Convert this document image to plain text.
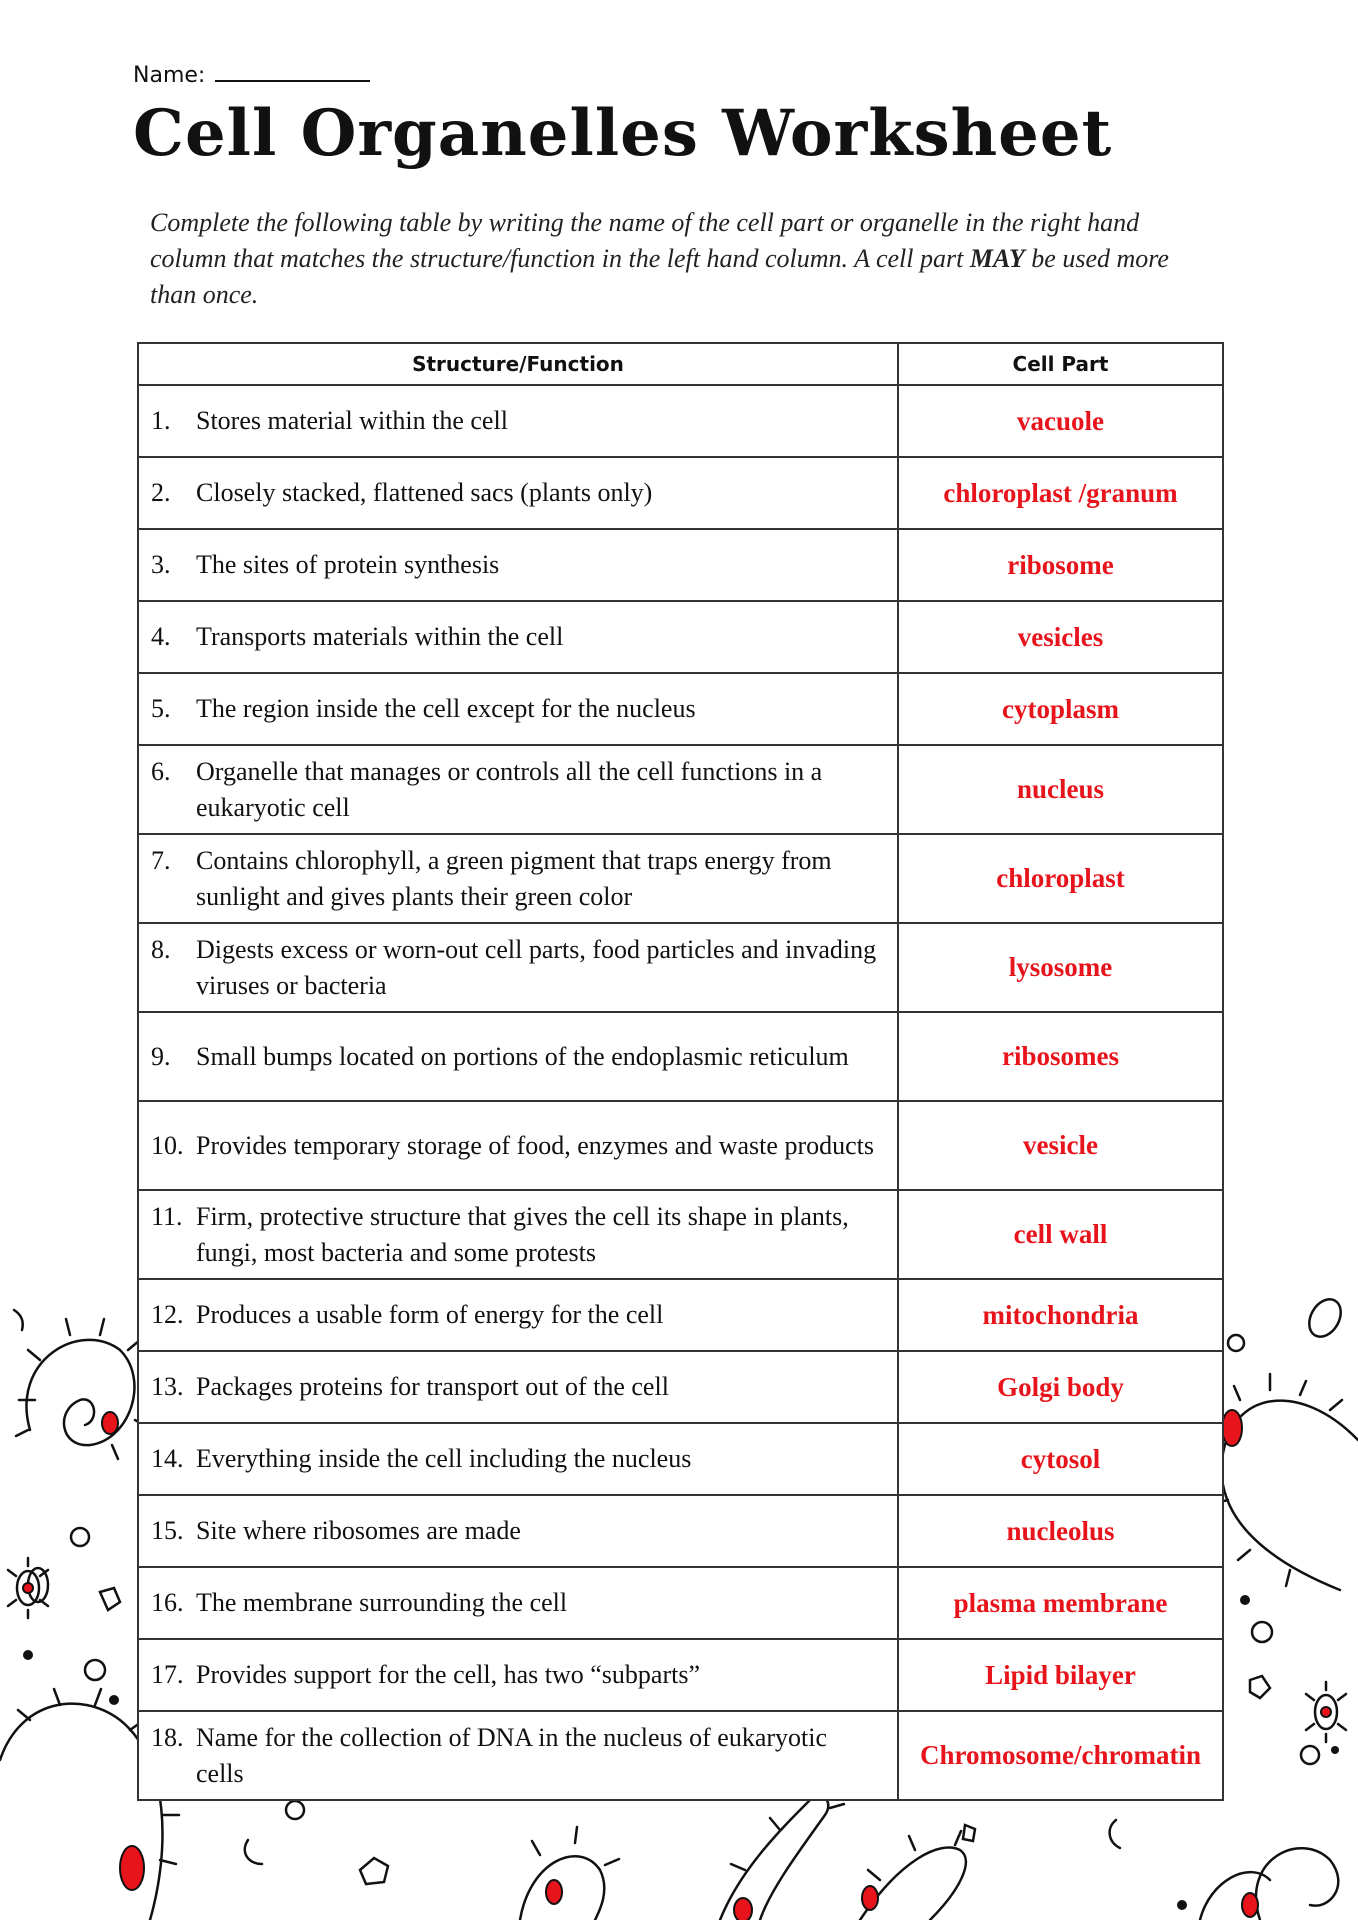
Name:
Cell Organelles Worksheet

Complete the following table by writing the name of the cell part or organelle in the right hand column that matches the structure/function in the left hand column. A cell part MAY be used more than once.

Structure/Function	Cell Part

1. Stores material within the cell	vacuole

2. Closely stacked, flattened sacs (plants only)	chloroplast /granum

3. The sites of protein synthesis	ribosome

4. Transports materials within the cell	vesicles

5. The region inside the cell except for the nucleus	cytoplasm

6. Organelle that manages or controls all the cell functions in a eukaryotic cell	nucleus

7. Contains chlorophyll, a green pigment that traps energy from sunlight and gives plants their green color	chloroplast

8. Digests excess or worn-out cell parts, food particles and invading viruses or bacteria	lysosome

9. Small bumps located on portions of the endoplasmic reticulum	ribosomes

10. Provides temporary storage of food, enzymes and waste products	vesicle

11. Firm, protective structure that gives the cell its shape in plants, fungi, most bacteria and some protests	cell wall

12. Produces a usable form of energy for the cell	mitochondria

13. Packages proteins for transport out of the cell	Golgi body

14. Everything inside the cell including the nucleus	cytosol

15. Site where ribosomes are made	nucleolus

16. The membrane surrounding the cell	plasma membrane

17. Provides support for the cell, has two “subparts”	Lipid bilayer

18. Name for the collection of DNA in the nucleus of eukaryotic cells	Chromosome/chromatin
